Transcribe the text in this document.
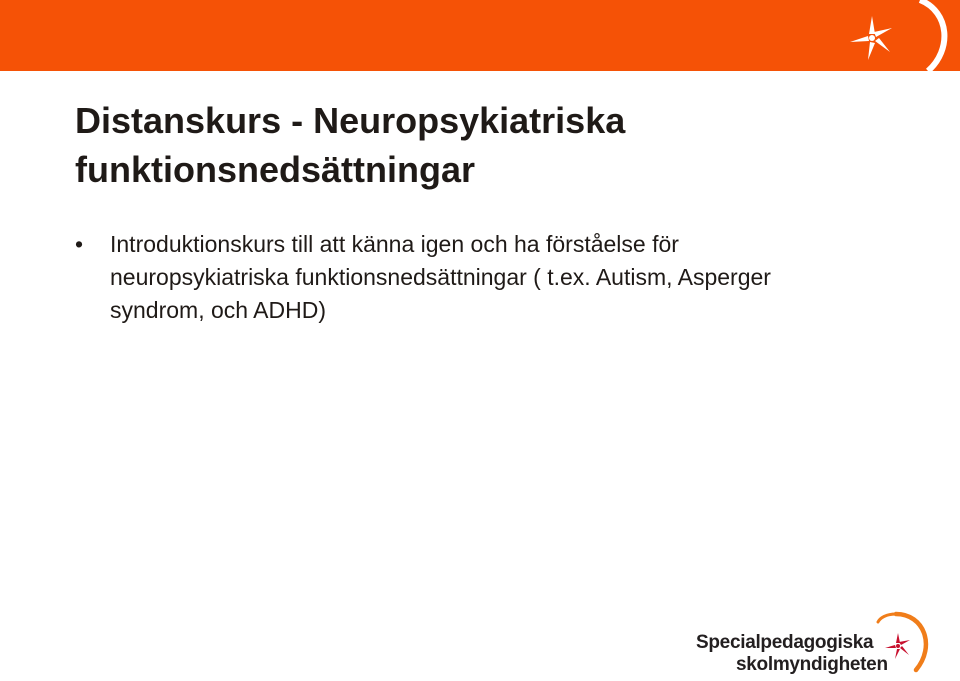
Distanskurs - Neuropsykiatriska
funktionsnedsättningar
• Introduktionskurs till att känna igen och ha förståelse för neuropsykiatriska funktionsnedsättningar ( t.ex. Autism, Asperger syndrom, och ADHD)
Specialpedagogiska
skolmyndigheten
